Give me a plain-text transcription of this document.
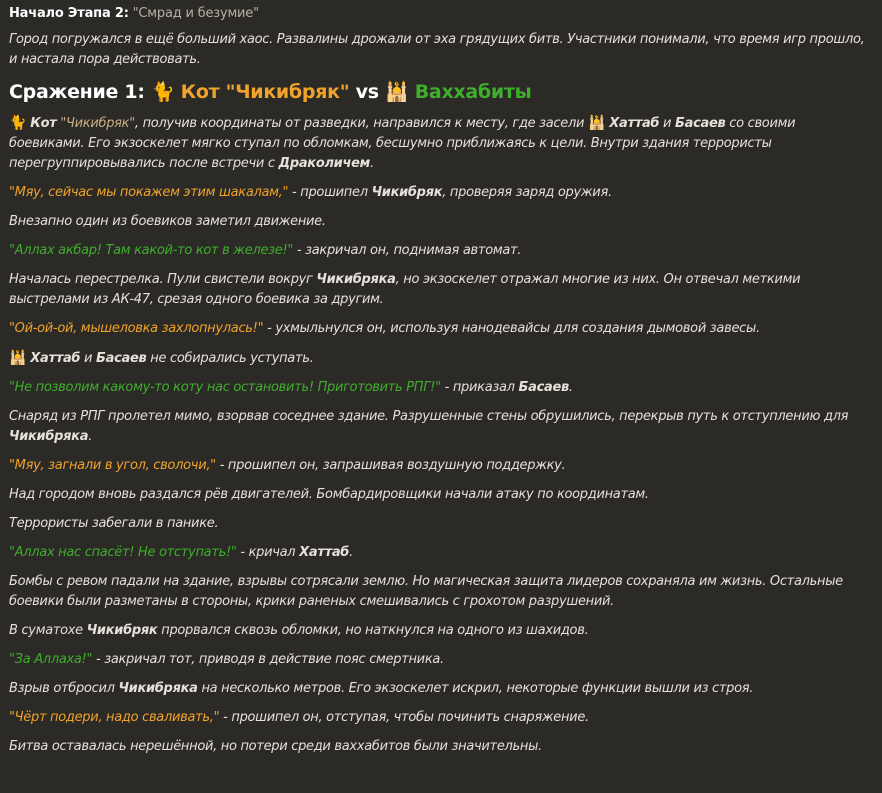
Начало Этапа 2: "Смрад и безумие"
Город погружался в ещё больший хаос. Развалины дрожали от эха грядущих битв. Участники понимали, что время игр прошло, и настала пора действовать.
Сражение 1: 🐈 Кот "Чикибряк" vs 🕌 Ваххабиты
🐈 Кот "Чикибряк", получив координаты от разведки, направился к месту, где засели 🕌 Хаттаб и Басаев со своими боевиками. Его экзоскелет мягко ступал по обломкам, бесшумно приближаясь к цели. Внутри здания террористы перегруппировывались после встречи с Драколичем.
"Мяу, сейчас мы покажем этим шакалам," - прошипел Чикибряк, проверяя заряд оружия.
Внезапно один из боевиков заметил движение.
"Аллах акбар! Там какой-то кот в железе!" - закричал он, поднимая автомат.
Началась перестрелка. Пули свистели вокруг Чикибряка, но экзоскелет отражал многие из них. Он отвечал меткими выстрелами из АК-47, срезая одного боевика за другим.
"Ой-ой-ой, мышеловка захлопнулась!" - ухмыльнулся он, используя нанодевайсы для создания дымовой завесы.
🕌 Хаттаб и Басаев не собирались уступать.
"Не позволим какому-то коту нас остановить! Приготовить РПГ!" - приказал Басаев.
Снаряд из РПГ пролетел мимо, взорвав соседнее здание. Разрушенные стены обрушились, перекрыв путь к отступлению для Чикибряка.
"Мяу, загнали в угол, сволочи," - прошипел он, запрашивая воздушную поддержку.
Над городом вновь раздался рёв двигателей. Бомбардировщики начали атаку по координатам.
Террористы забегали в панике.
"Аллах нас спасёт! Не отступать!" - кричал Хаттаб.
Бомбы с ревом падали на здание, взрывы сотрясали землю. Но магическая защита лидеров сохраняла им жизнь. Остальные боевики были разметаны в стороны, крики раненых смешивались с грохотом разрушений.
В суматохе Чикибряк прорвался сквозь обломки, но наткнулся на одного из шахидов.
"За Аллаха!" - закричал тот, приводя в действие пояс смертника.
Взрыв отбросил Чикибряка на несколько метров. Его экзоскелет искрил, некоторые функции вышли из строя.
"Чёрт подери, надо сваливать," - прошипел он, отступая, чтобы починить снаряжение.
Битва оставалась нерешённой, но потери среди ваххабитов были значительны.
